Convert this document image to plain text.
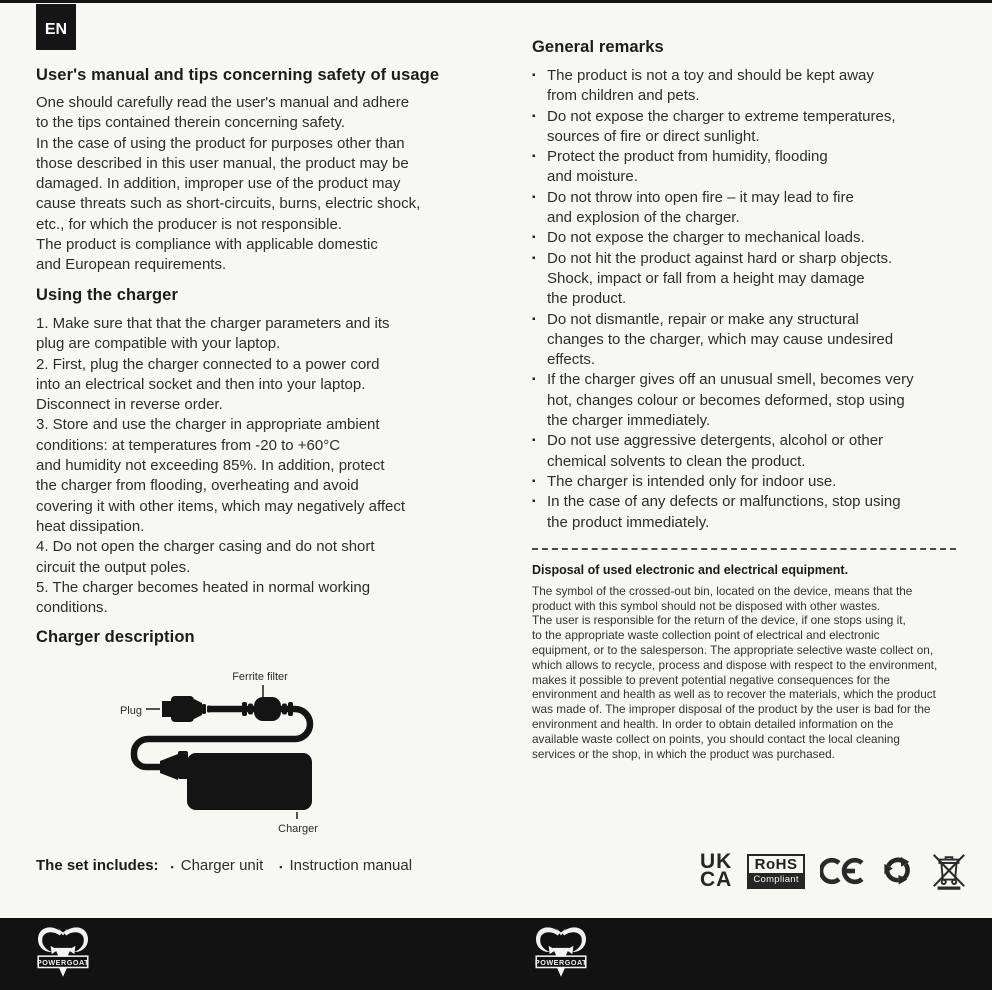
EN
User's manual and tips concerning safety of usage
One should carefully read the user's manual and adhere
to the tips contained therein concerning safety.
In the case of using the product for purposes other than
those described in this user manual, the product may be
damaged. In addition, improper use of the product may
cause threats such as short-circuits, burns, electric shock,
etc., for which the producer is not responsible.
The product is compliance with applicable domestic
and European requirements.
Using the charger
1. Make sure that that the charger parameters and its
plug are compatible with your laptop.
2. First, plug the charger connected to a power cord
into an electrical socket and then into your laptop.
Disconnect in reverse order.
3. Store and use the charger in appropriate ambient
conditions: at temperatures from -20 to +60°C
and humidity not exceeding 85%. In addition, protect
the charger from flooding, overheating and avoid
covering it with other items, which may negatively affect
heat dissipation.
4. Do not open the charger casing and do not short
circuit the output poles.
5. The charger becomes heated in normal working
conditions.
Charger description
Ferrite filter
Plug
Charger
The set includes: ▪ Charger unit ▪ Instruction manual
General remarks
▪ The product is not a toy and should be kept away
from children and pets.
▪ Do not expose the charger to extreme temperatures,
sources of fire or direct sunlight.
▪ Protect the product from humidity, flooding
and moisture.
▪ Do not throw into open fire – it may lead to fire
and explosion of the charger.
▪ Do not expose the charger to mechanical loads.
▪ Do not hit the product against hard or sharp objects.
Shock, impact or fall from a height may damage
the product.
▪ Do not dismantle, repair or make any structural
changes to the charger, which may cause undesired
effects.
▪ If the charger gives off an unusual smell, becomes very
hot, changes colour or becomes deformed, stop using
the charger immediately.
▪ Do not use aggressive detergents, alcohol or other
chemical solvents to clean the product.
▪ The charger is intended only for indoor use.
▪ In the case of any defects or malfunctions, stop using
the product immediately.
Disposal of used electronic and electrical equipment.
The symbol of the crossed-out bin, located on the device, means that the
product with this symbol should not be disposed with other wastes.
The user is responsible for the return of the device, if one stops using it,
to the appropriate waste collection point of electrical and electronic
equipment, or to the salesperson. The appropriate selective waste collect on,
which allows to recycle, process and dispose with respect to the environment,
makes it possible to prevent potential negative consequences for the
environment and health as well as to recover the materials, which the product
was made of. The improper disposal of the product by the user is bad for the
environment and health. In order to obtain detailed information on the
available waste collect on points, you should contact the local cleaning
services or the shop, in which the product was purchased.
UK
CA
RoHS
Compliant
POWERGOAT	POWERGOAT
